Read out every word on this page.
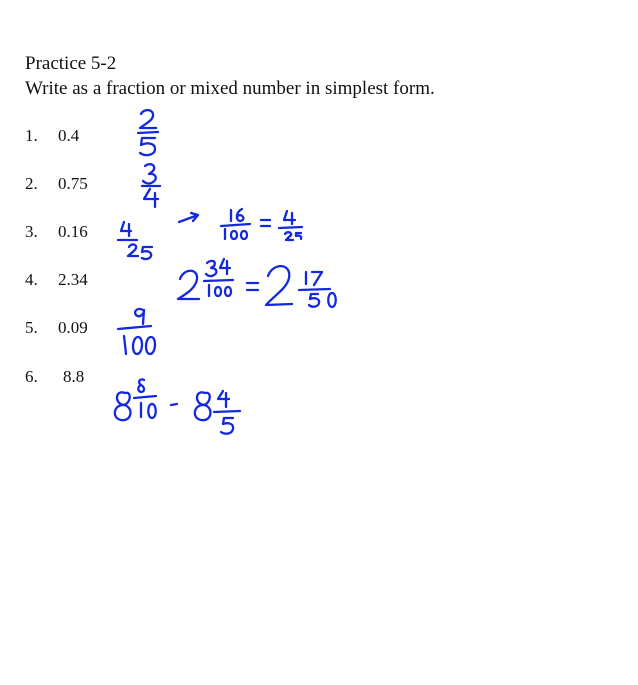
Practice 5-2
Write as a fraction or mixed number in simplest form.
1. 0.4
2. 0.75
3. 0.16
4. 2.34
5. 0.09
6. 8.8
